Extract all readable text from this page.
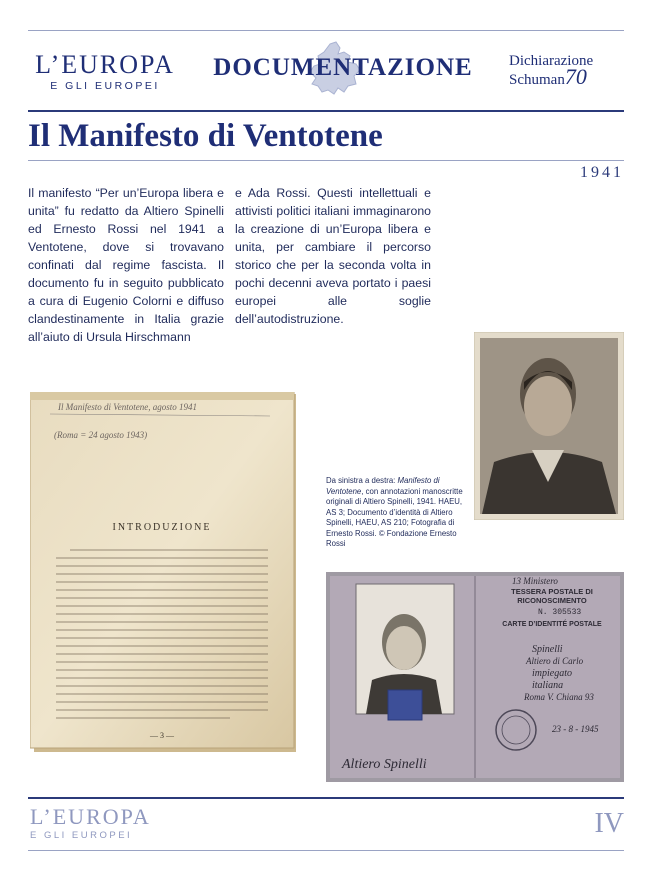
L’EUROPA
E GLI EUROPEI
DOCUMENTAZIONE Dichiarazione
Schuman70
Il Manifesto di Ventotene
1941
Il manifesto “Per un’Europa libera e unita” fu redatto da Altiero Spinelli ed Ernesto Rossi nel 1941 a Ventotene, dove si trovavano confinati dal regime fascista. Il documento fu in seguito pubblicato a cura di Eugenio Colorni e diffuso clandestinamente in Italia grazie all’aiuto di Ursula Hirschmann
e Ada Rossi. Questi intellettuali e attivisti politici italiani immaginarono la creazione di un’Europa libera e unita, per cambiare il percorso storico che per la seconda volta in pochi decenni aveva portato i paesi europei alle soglie dell’autodistruzione.
Il Manifesto di Ventotene, agosto 1941
(Roma = 24 agosto 1943)
INTRODUZIONE
— 3 —
Da sinistra a destra: Manifesto di Ventotene, con annotazioni manoscritte originali di Altiero Spinelli, 1941. HAEU, AS 3; Documento d’identità di Altiero Spinelli, HAEU, AS 210; Fotografia di Ernesto Rossi. © Fondazione Ernesto Rossi
Altiero Spinelli
13 Ministero
TESSERA POSTALE DI
RICONOSCIMENTO
N. 305533
CARTE D’IDENTITÉ POSTALE
Spinelli
Altiero di Carlo
impiegato
italiana
Roma V. Chiana 93
23 - 8 - 1945
L’EUROPA
E GLI EUROPEI	IV
